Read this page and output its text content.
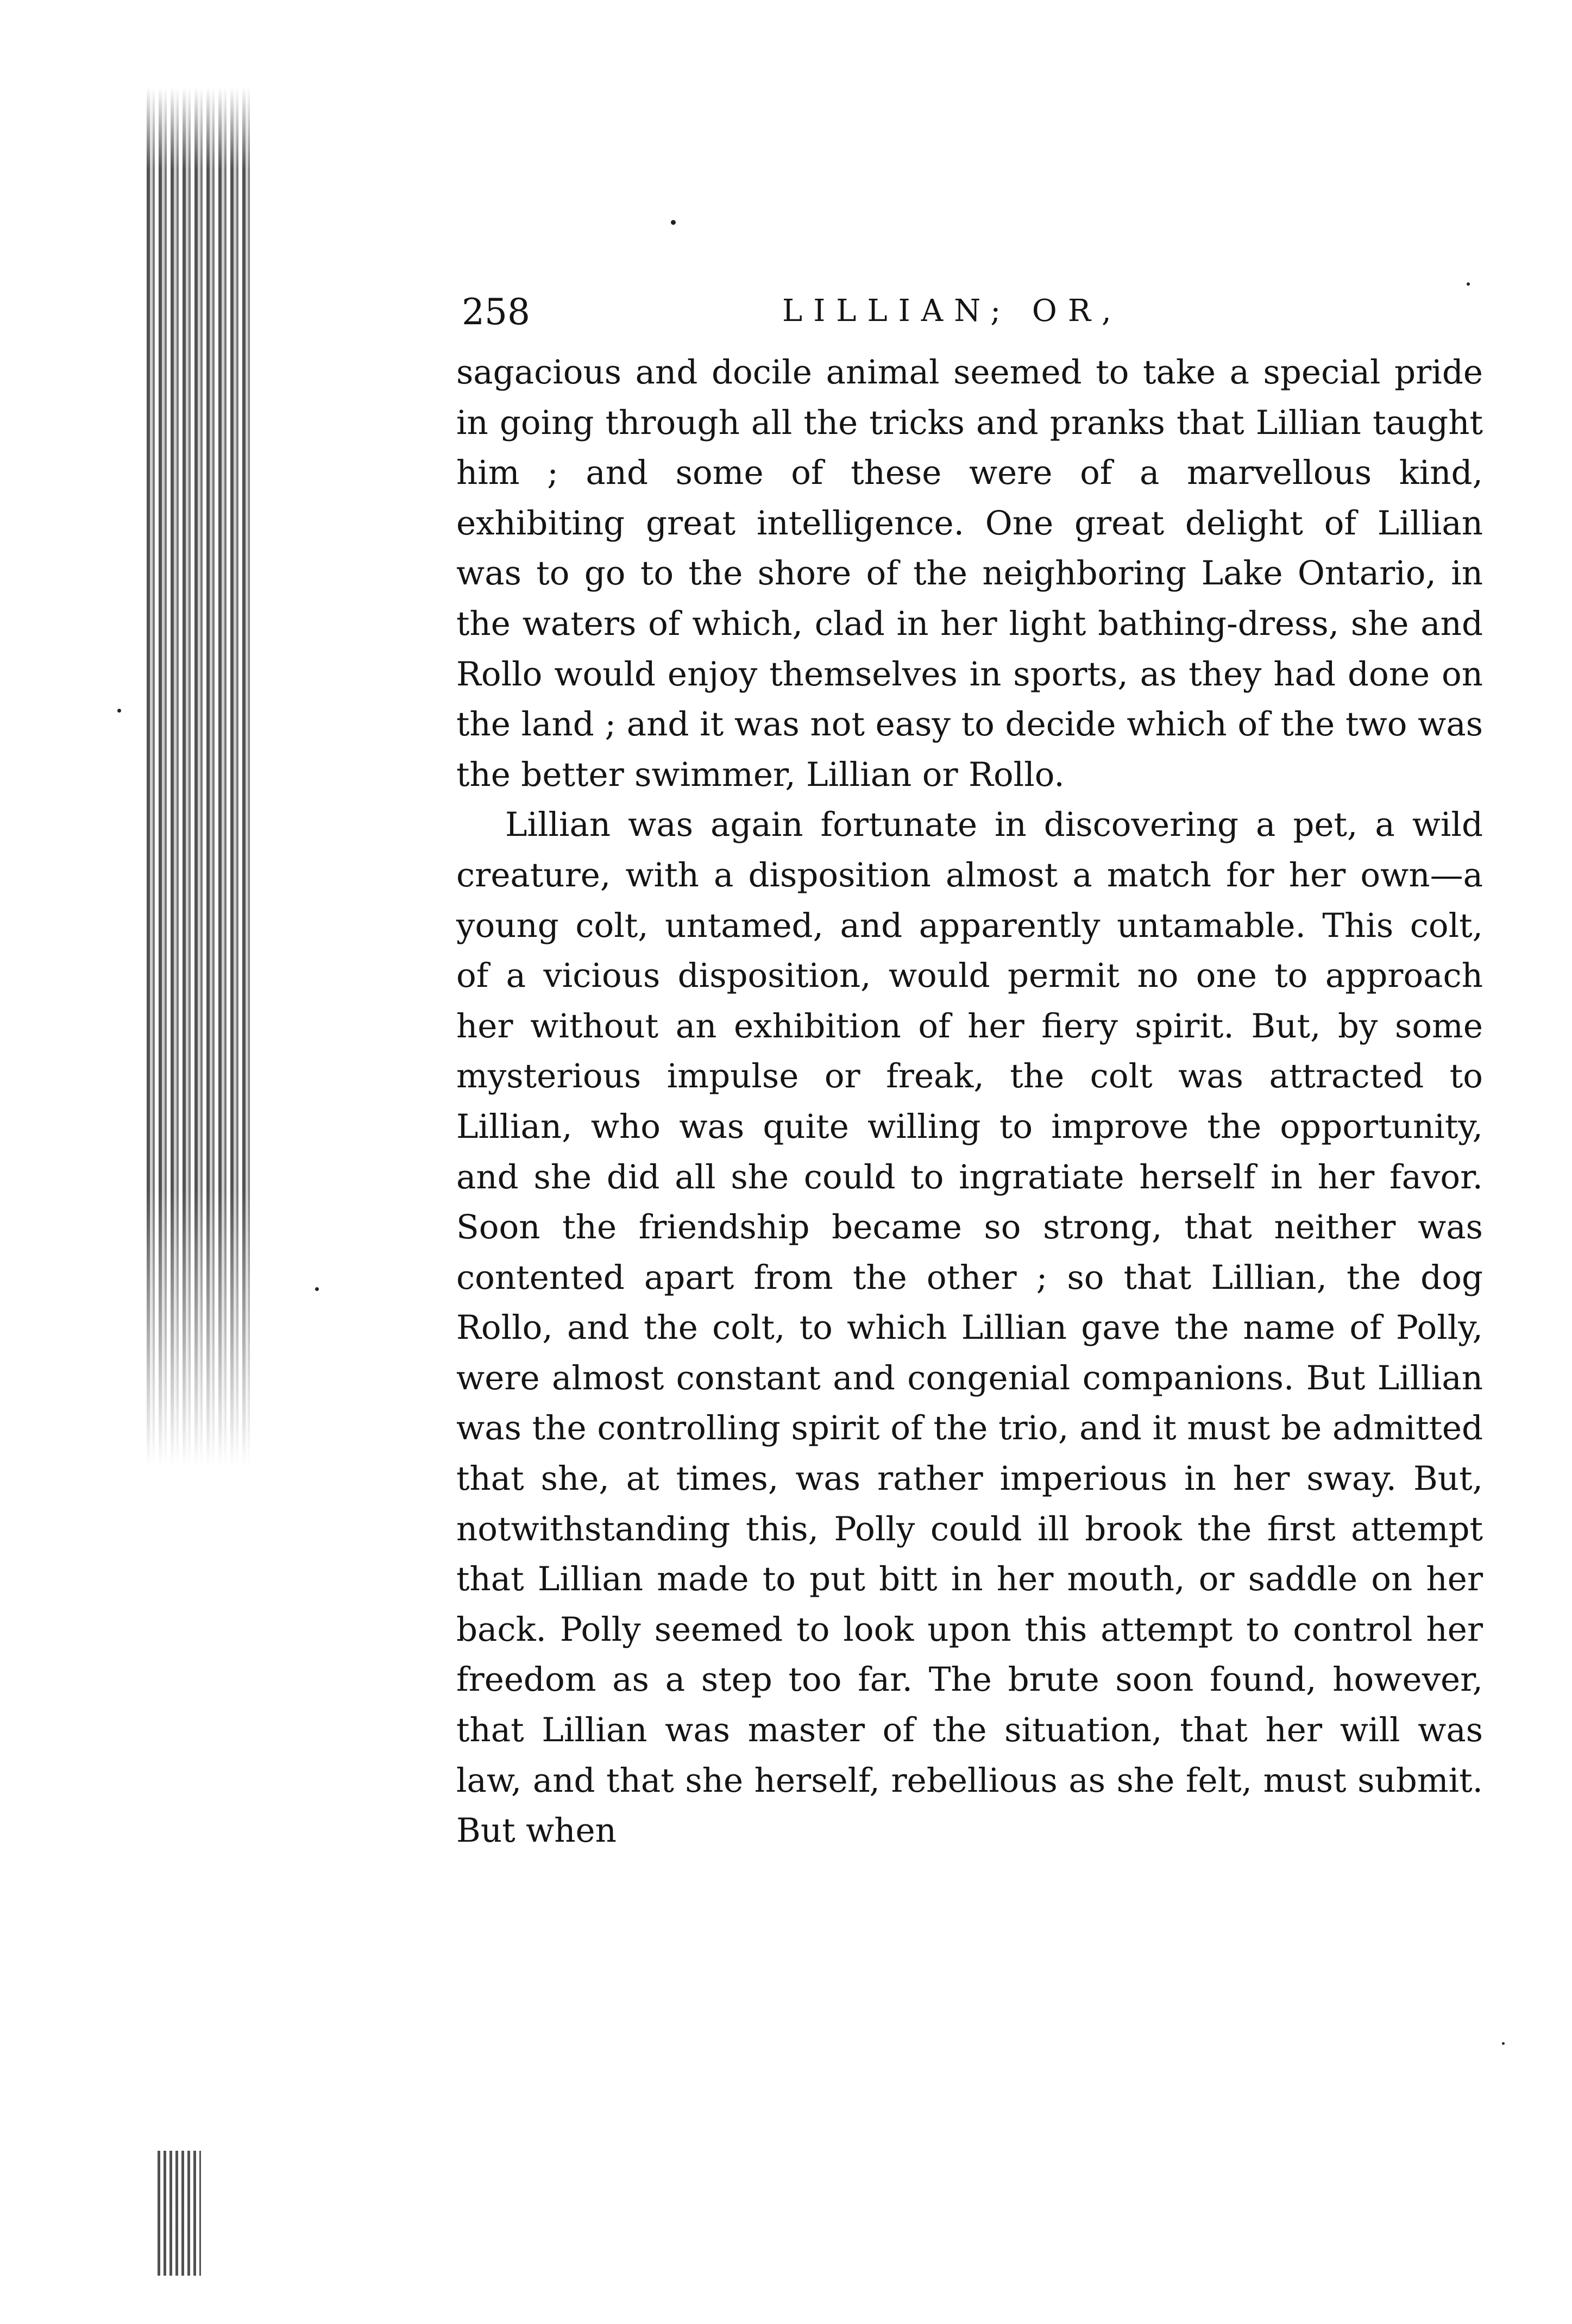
258	LILLIAN; OR,

sagacious and docile animal seemed to take a special pride in going through all the tricks and pranks that Lillian taught him ; and some of these were of a marvellous kind, exhibiting great intelligence. One great delight of Lillian was to go to the shore of the neighboring Lake Ontario, in the waters of which, clad in her light bathing-dress, she and Rollo would enjoy themselves in sports, as they had done on the land ; and it was not easy to decide which of the two was the better swimmer, Lillian or Rollo.

Lillian was again fortunate in discovering a pet, a wild creature, with a disposition almost a match for her own—a young colt, untamed, and apparently untamable. This colt, of a vicious disposition, would permit no one to approach her without an exhibition of her fiery spirit. But, by some mysterious impulse or freak, the colt was attracted to Lillian, who was quite willing to improve the opportunity, and she did all she could to ingratiate herself in her favor. Soon the friendship became so strong, that neither was contented apart from the other ; so that Lillian, the dog Rollo, and the colt, to which Lillian gave the name of Polly, were almost constant and congenial companions. But Lillian was the controlling spirit of the trio, and it must be admitted that she, at times, was rather imperious in her sway. But, notwithstanding this, Polly could ill brook the first attempt that Lillian made to put bitt in her mouth, or saddle on her back. Polly seemed to look upon this attempt to control her freedom as a step too far. The brute soon found, however, that Lillian was master of the situation, that her will was law, and that she herself, rebellious as she felt, must submit. But when
